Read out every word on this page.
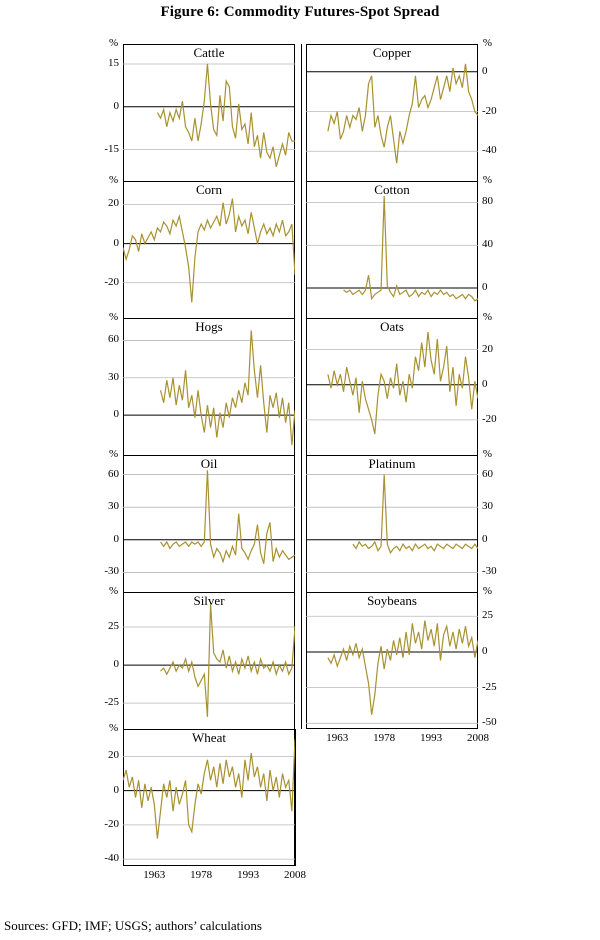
Figure 6: Commodity Futures-Spot Spread
%
Cattle
15
0
-15
%
Copper
0
-20
-40
%
Corn
20
0
-20
%
Cotton
80
40
0
%
Hogs
60
30
0
%
Oats
20
0
-20
%
Oil
60
30
0
-30
%
Platinum
60
30
0
-30
%
Silver
25
0
-25
%
Soybeans
25
0
-25
-50
1963	1978	1993	2008
%
Wheat
20
0
-20
-40
1963	1978	1993	2008
Sources: GFD; IMF; USGS; authors’ calculations
